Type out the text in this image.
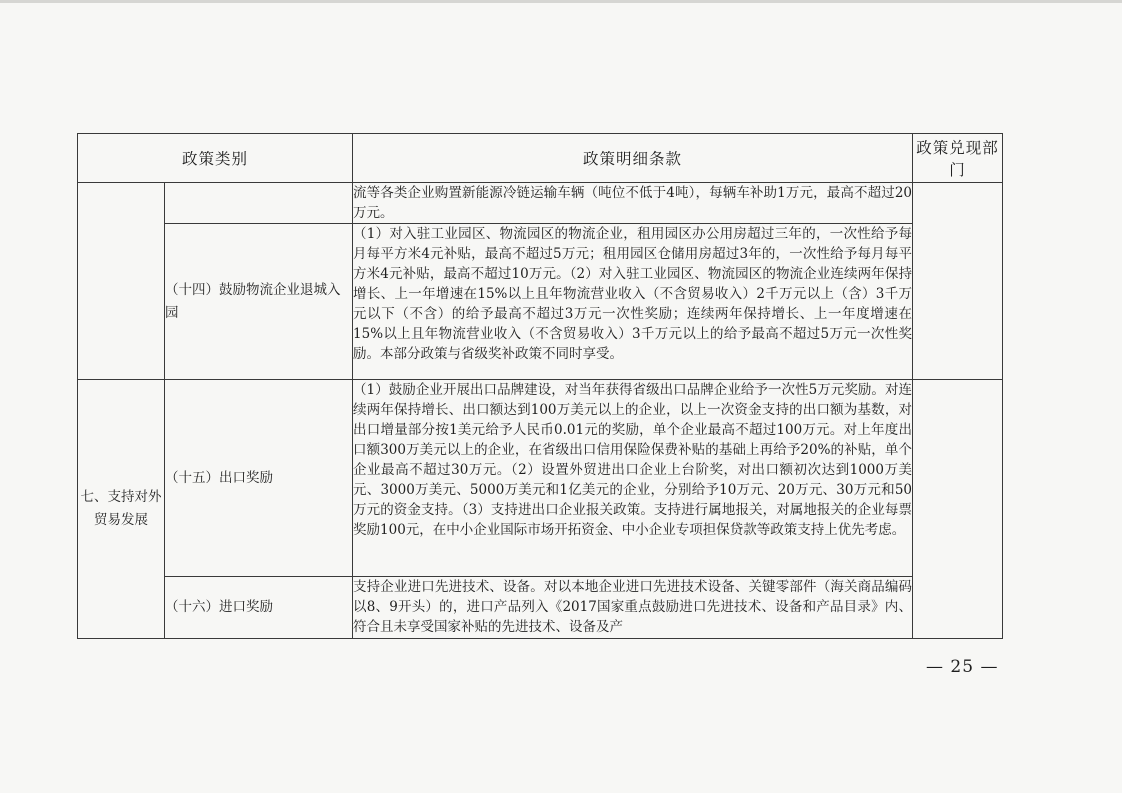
政策类别		政策明细条款	政策兑现部门
		流等各类企业购置新能源冷链运输车辆（吨位不低于4吨），每辆车补助1万元，最高不超过20万元。	
	（十四）鼓励物流企业退城入园	（1）对入驻工业园区、物流园区的物流企业，租用园区办公用房超过三年的，一次性给予每月每平方米4元补贴，最高不超过5万元；租用园区仓储用房超过3年的，一次性给予每月每平方米4元补贴，最高不超过10万元。（2）对入驻工业园区、物流园区的物流企业连续两年保持增长、上一年增速在15%以上且年物流营业收入（不含贸易收入）2千万元以上（含）3千万元以下（不含）的给予最高不超过3万元一次性奖励；连续两年保持增长、上一年度增速在15%以上且年物流营业收入（不含贸易收入）3千万元以上的给予最高不超过5万元一次性奖励。本部分政策与省级奖补政策不同时享受。	
七、支持对外贸易发展	（十五）出口奖励	（1）鼓励企业开展出口品牌建设，对当年获得省级出口品牌企业给予一次性5万元奖励。对连续两年保持增长、出口额达到100万美元以上的企业，以上一次资金支持的出口额为基数，对出口增量部分按1美元给予人民币0.01元的奖励，单个企业最高不超过100万元。对上年度出口额300万美元以上的企业，在省级出口信用保险保费补贴的基础上再给予20%的补贴，单个企业最高不超过30万元。（2）设置外贸进出口企业上台阶奖，对出口额初次达到1000万美元、3000万美元、5000万美元和1亿美元的企业，分别给予10万元、20万元、30万元和50万元的资金支持。（3）支持进出口企业报关政策。支持进行属地报关，对属地报关的企业每票奖励100元，在中小企业国际市场开拓资金、中小企业专项担保贷款等政策支持上优先考虑。	
	（十六）进口奖励	支持企业进口先进技术、设备。对以本地企业进口先进技术设备、关键零部件（海关商品编码以8、9开头）的，进口产品列入《2017国家重点鼓励进口先进技术、设备和产品目录》内、符合且未享受国家补贴的先进技术、设备及产	
— 25 —
